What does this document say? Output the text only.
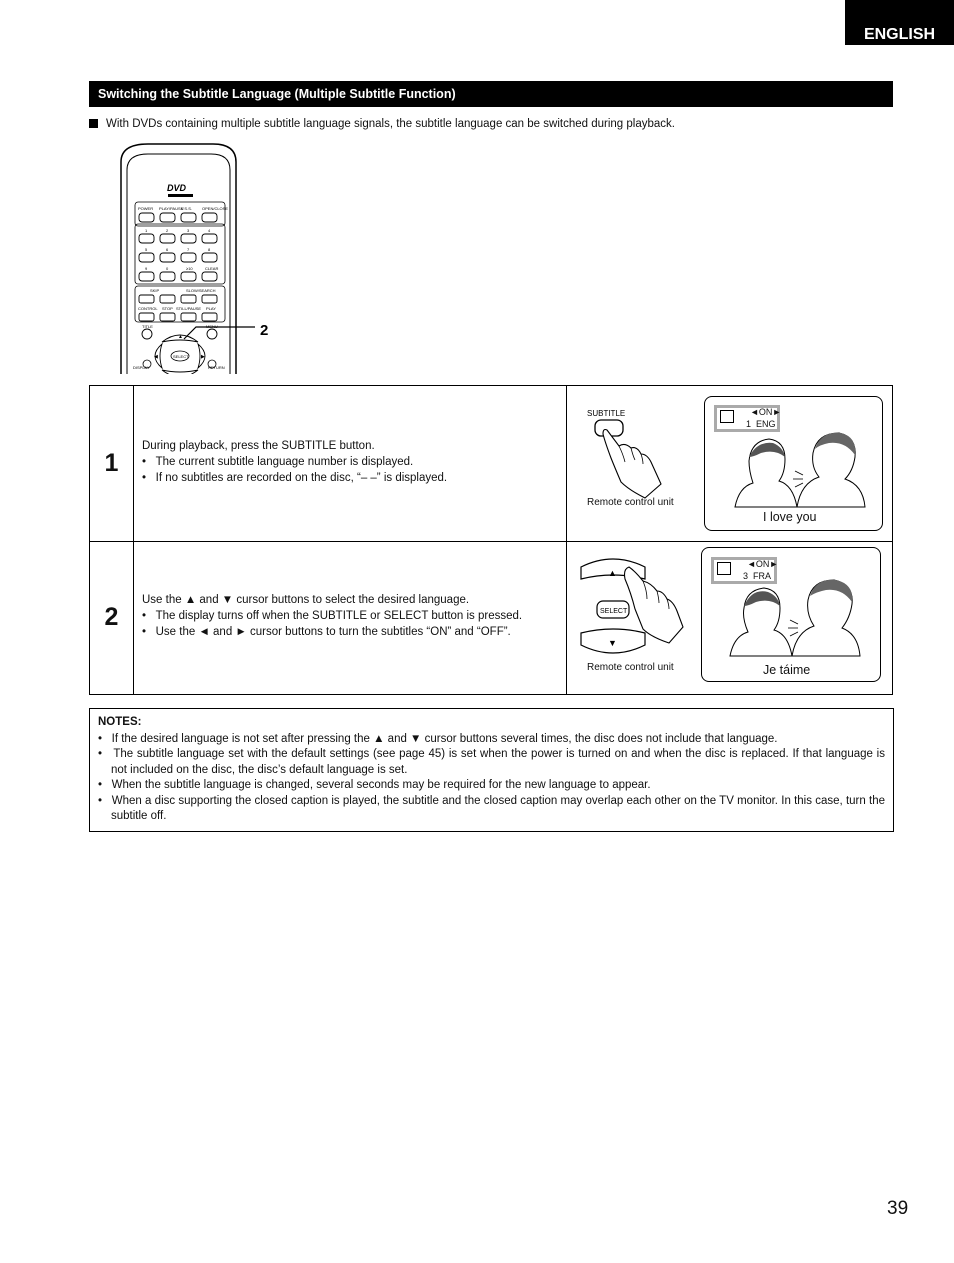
ENGLISH
Switching the Subtitle Language (Multiple Subtitle Function)
With DVDs containing multiple subtitle language signals, the subtitle language can be switched during playback.
DVD
POWER PLAY/PAUSE
V.S.S.	OPEN/CLOSE
1	2	3	4
5	6	7	8
9	0	≥10	CLEAR
SKIP	SLOW/SEARCH
CONTROL STOP STILL/PAUSE PLAY
TITLE	MENU
DISPLAY	RETURN
▲
◀	▶
SELECT
2
1
During playback, press the SUBTITLE button.
•   The current subtitle language number is displayed.
•   If no subtitles are recorded on the disc, “– –” is displayed.
SUBTITLE
Remote control unit
◄ON►
1 ENG
I love you
2
Use the ▲ and ▼ cursor buttons to select the desired language.
•   The display turns off when the SUBTITLE or SELECT button is pressed.
•   Use the ◄ and ► cursor buttons to turn the subtitles “ON” and “OFF”.
▲
▼
SELECT
Remote control unit
◄ON►
3 FRA
Je táime
NOTES:
•   If the desired language is not set after pressing the ▲ and ▼ cursor buttons several times, the disc does not include that language.
•   The subtitle language set with the default settings (see page 45) is set when the power is turned on and when the disc is replaced. If that language is not included on the disc, the disc’s default language is set.
•   When the subtitle language is changed, several seconds may be required for the new language to appear.
•   When a disc supporting the closed caption is played, the subtitle and the closed caption may overlap each other on the TV monitor. In this case, turn the subtitle off.
39
